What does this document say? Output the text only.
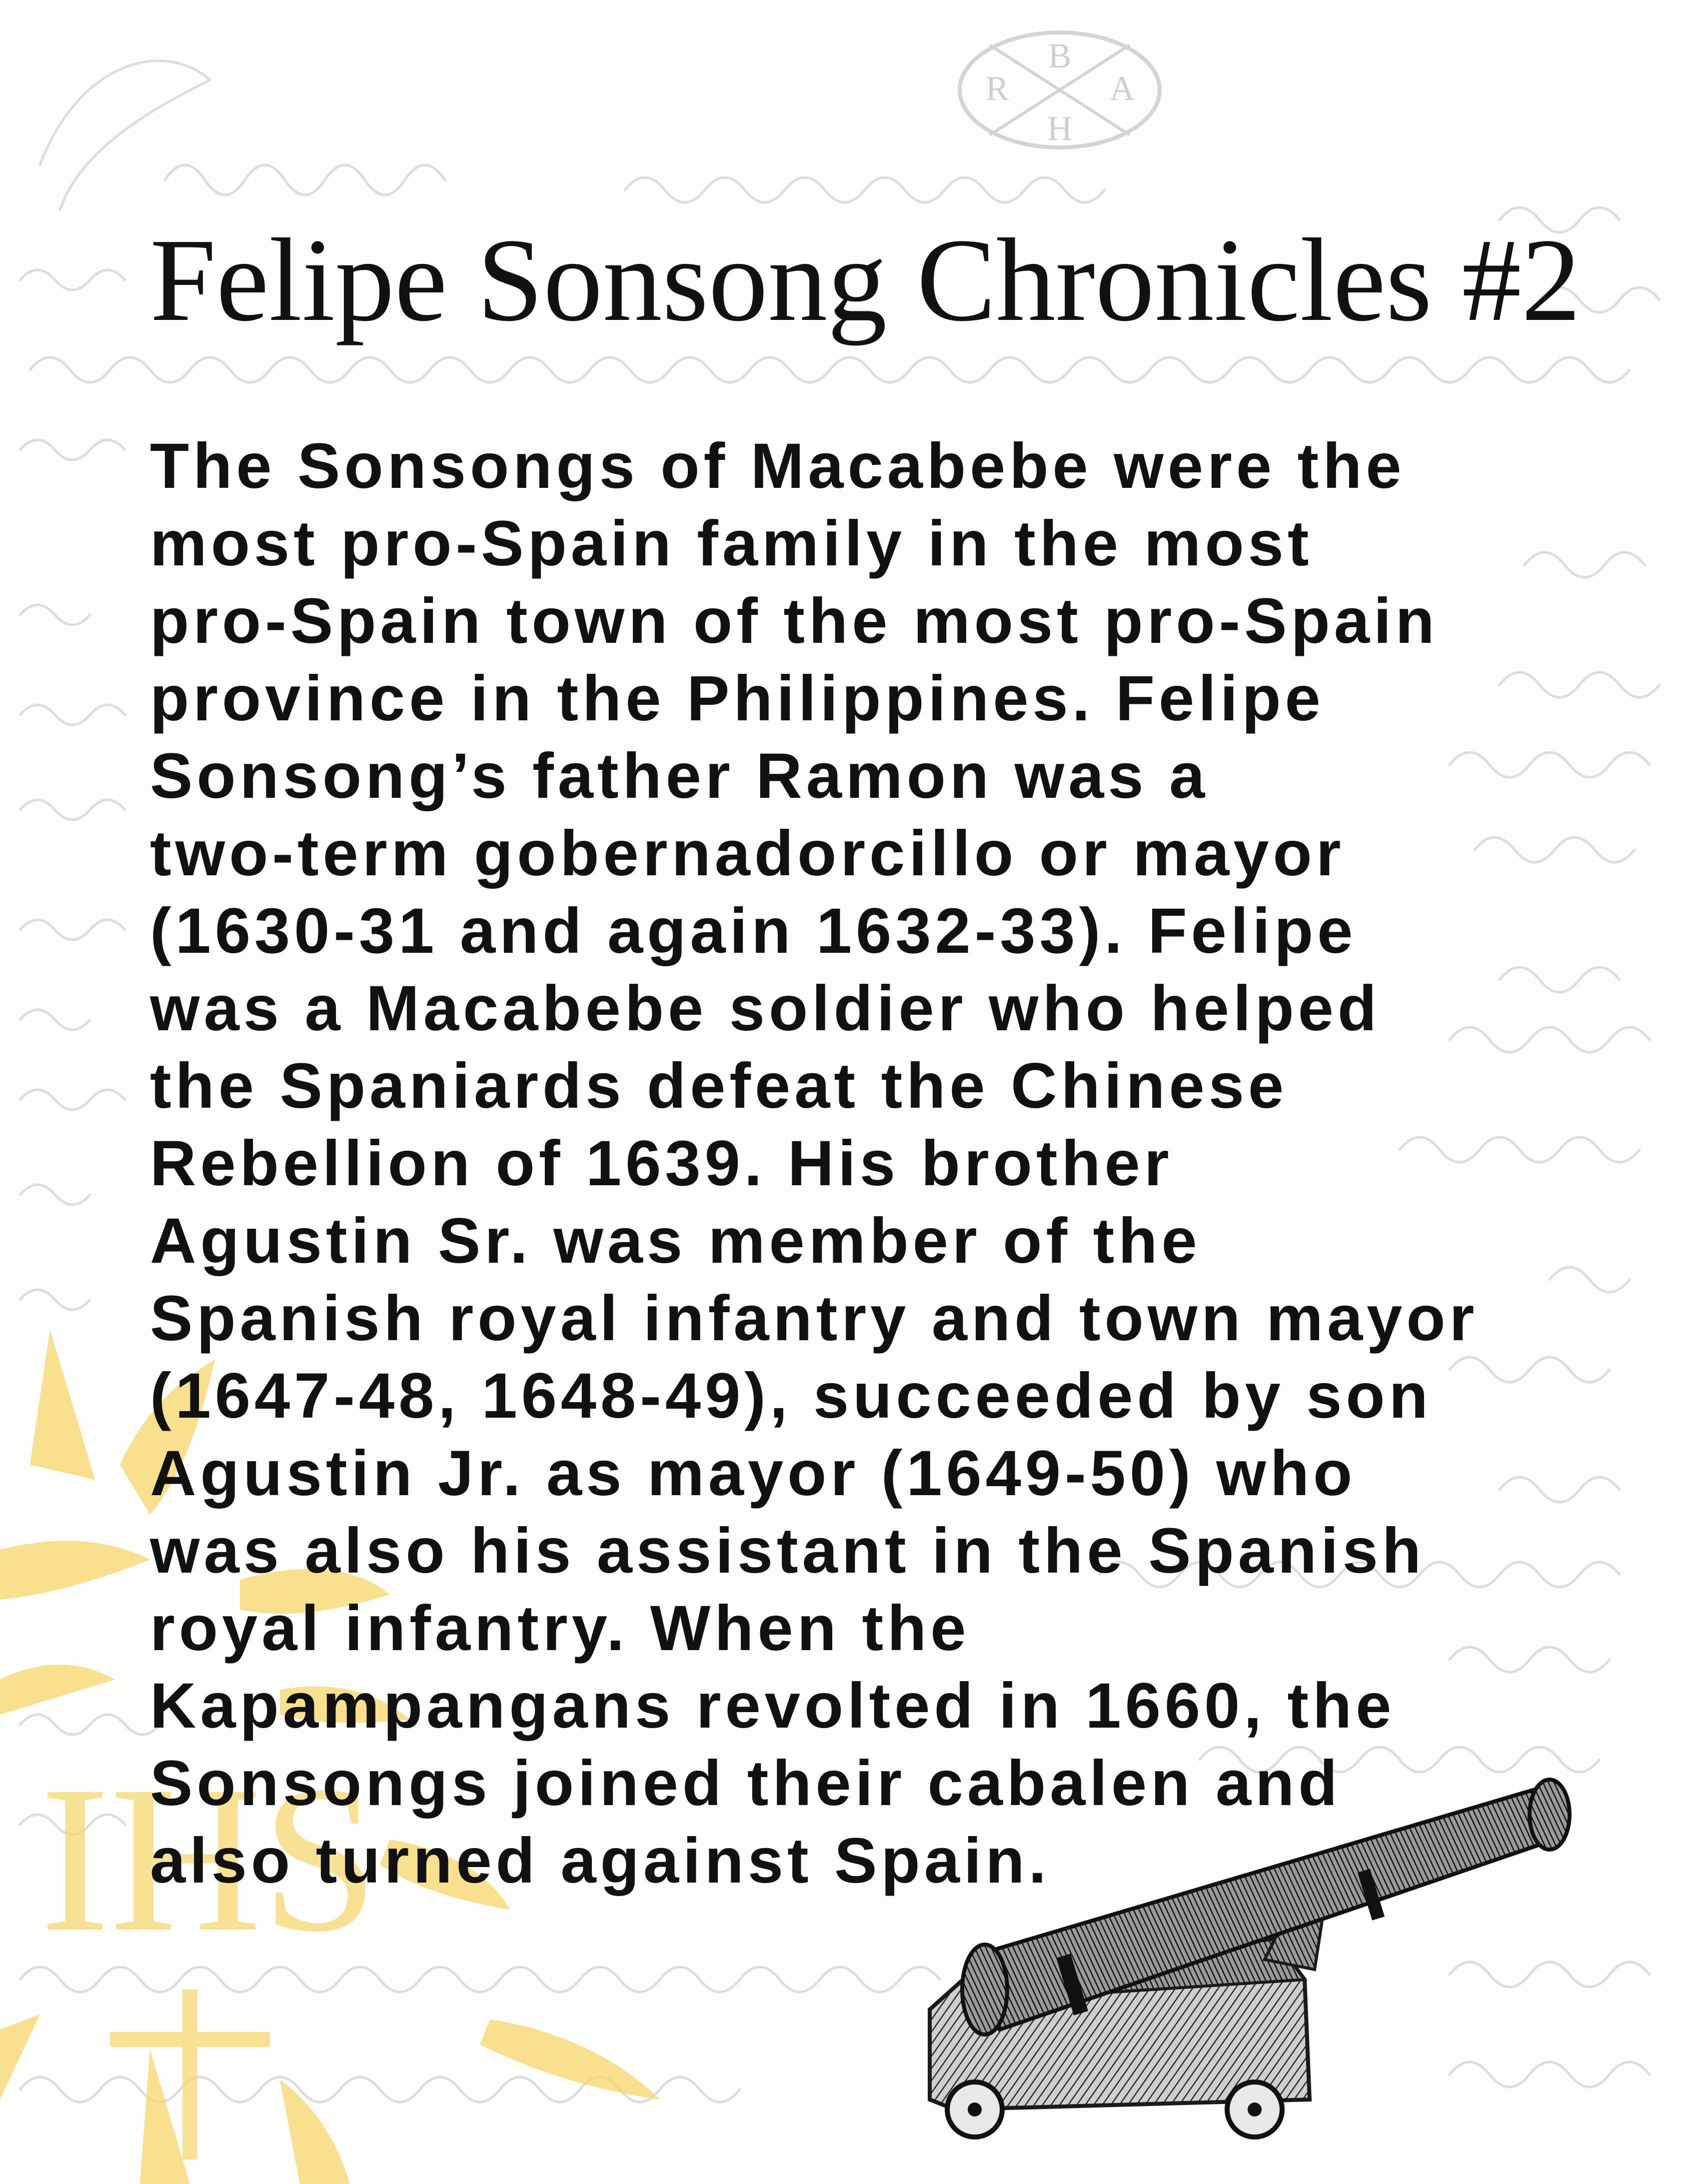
B
R	A
H
IHS
Felipe Sonsong Chronicles #2
The Sonsongs of Macabebe were the
most pro-Spain family in the most
pro-Spain town of the most pro-Spain
province in the Philippines. Felipe
Sonsong’s father Ramon was a
two-term gobernadorcillo or mayor
(1630-31 and again 1632-33). Felipe
was a Macabebe soldier who helped
the Spaniards defeat the Chinese
Rebellion of 1639. His brother
Agustin Sr. was member of the
Spanish royal infantry and town mayor
(1647-48, 1648-49), succeeded by son
Agustin Jr. as mayor (1649-50) who
was also his assistant in the Spanish
royal infantry. When the
Kapampangans revolted in 1660, the
Sonsongs joined their cabalen and
also turned against Spain.
